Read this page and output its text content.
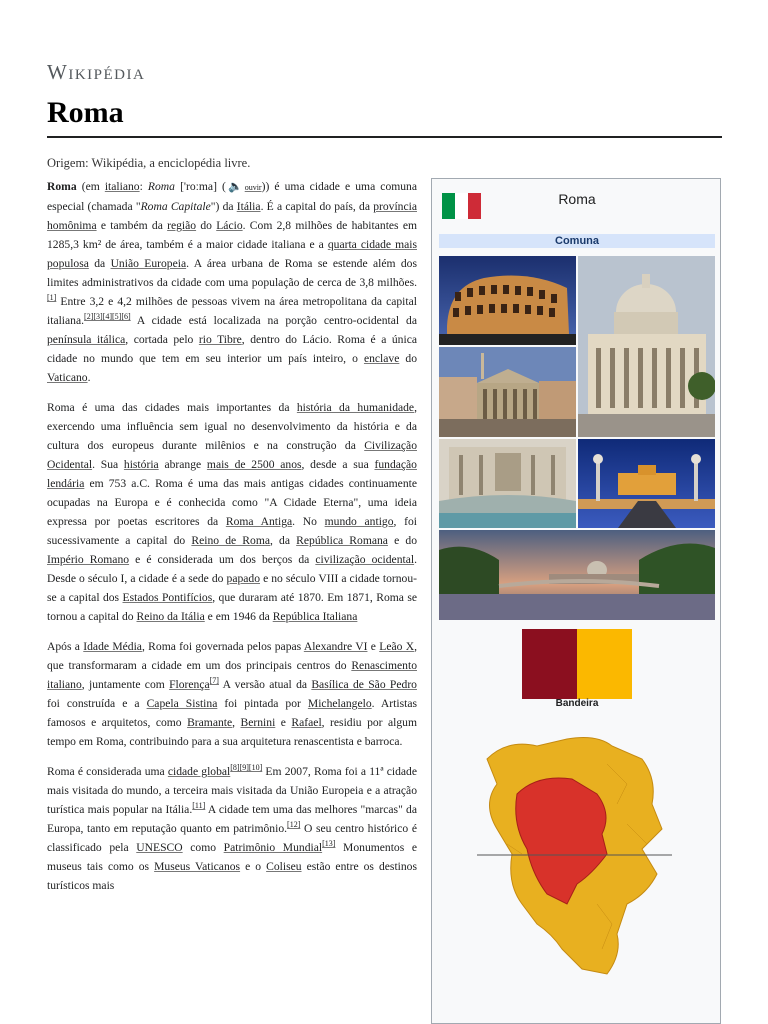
Wikipédia
Roma

Origem: Wikipédia, a enciclopédia livre.

Roma (em italiano: Roma ['roːma] (🔈ouvir)) é uma cidade e uma comuna especial (chamada "Roma Capitale") da Itália. É a capital do país, da província homônima e também da região do Lácio. Com 2,8 milhões de habitantes em 1285,3 km² de área, também é a maior cidade italiana e a quarta cidade mais populosa da União Europeia. A área urbana de Roma se estende além dos limites administrativos da cidade com uma população de cerca de 3,8 milhões.[1] Entre 3,2 e 4,2 milhões de pessoas vivem na área metropolitana da capital italiana.[2][3][4][5][6] A cidade está localizada na porção centro-ocidental da península itálica, cortada pelo rio Tibre, dentro do Lácio. Roma é a única cidade no mundo que tem em seu interior um país inteiro, o enclave do Vaticano.

Roma é uma das cidades mais importantes da história da humanidade, exercendo uma influência sem igual no desenvolvimento da história e da cultura dos europeus durante milênios e na construção da Civilização Ocidental. Sua história abrange mais de 2500 anos, desde a sua fundação lendária em 753 a.C. Roma é uma das mais antigas cidades continuamente ocupadas na Europa e é conhecida como "A Cidade Eterna", uma ideia expressa por poetas escritores da Roma Antiga. No mundo antigo, foi sucessivamente a capital do Reino de Roma, da República Romana e do Império Romano e é considerada um dos berços da civilização ocidental. Desde o século I, a cidade é a sede do papado e no século VIII a cidade tornou-se a capital dos Estados Pontifícios, que duraram até 1870. Em 1871, Roma se tornou a capital do Reino da Itália e em 1946 da República Italiana

Após a Idade Média, Roma foi governada pelos papas Alexandre VI e Leão X, que transformaram a cidade em um dos principais centros do Renascimento italiano, juntamente com Florença[7] A versão atual da Basílica de São Pedro foi construída e a Capela Sistina foi pintada por Michelangelo. Artistas famosos e arquitetos, como Bramante, Bernini e Rafael, residiu por algum tempo em Roma, contribuindo para a sua arquitetura renascentista e barroca.

Roma é considerada uma cidade global[8][9][10] Em 2007, Roma foi a 11ª cidade mais visitada do mundo, a terceira mais visitada da União Europeia e a atração turística mais popular na Itália.[11] A cidade tem uma das melhores "marcas" da Europa, tanto em reputação quanto em patrimônio.[12] O seu centro histórico é classificado pela UNESCO como Patrimônio Mundial[13] Monumentos e museus tais como os Museus Vaticanos e o Coliseu estão entre os destinos turísticos mais

Roma
Comuna
Bandeira
